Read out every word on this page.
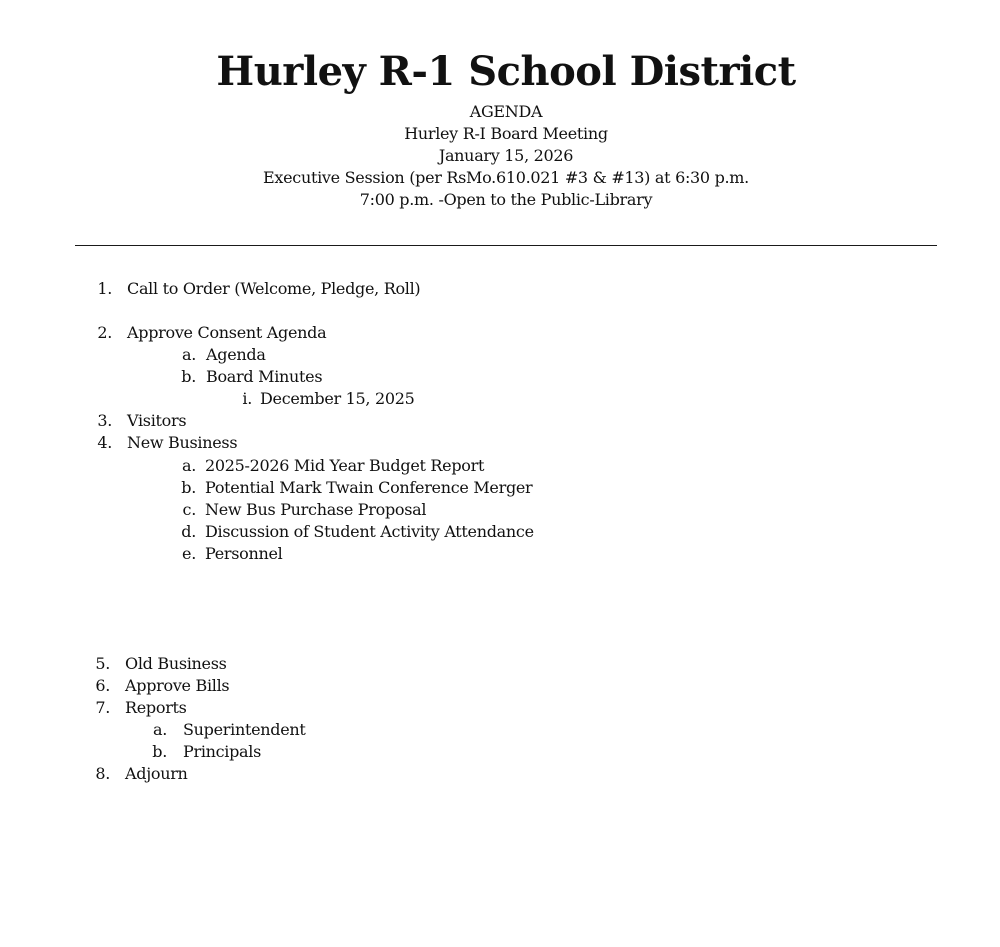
Hurley R-1 School District
AGENDA
Hurley R-I Board Meeting
January 15, 2026
Executive Session (per RsMo.610.021 #3 & #13) at 6:30 p.m.
7:00 p.m. -Open to the Public-Library
1. Call to Order (Welcome, Pledge, Roll)
2. Approve Consent Agenda
a. Agenda
b. Board Minutes
i. December 15, 2025
3. Visitors
4. New Business
a. 2025-2026 Mid Year Budget Report
b. Potential Mark Twain Conference Merger
c. New Bus Purchase Proposal
d. Discussion of Student Activity Attendance
e. Personnel
5. Old Business
6. Approve Bills
7. Reports
a. Superintendent
b. Principals
8. Adjourn
